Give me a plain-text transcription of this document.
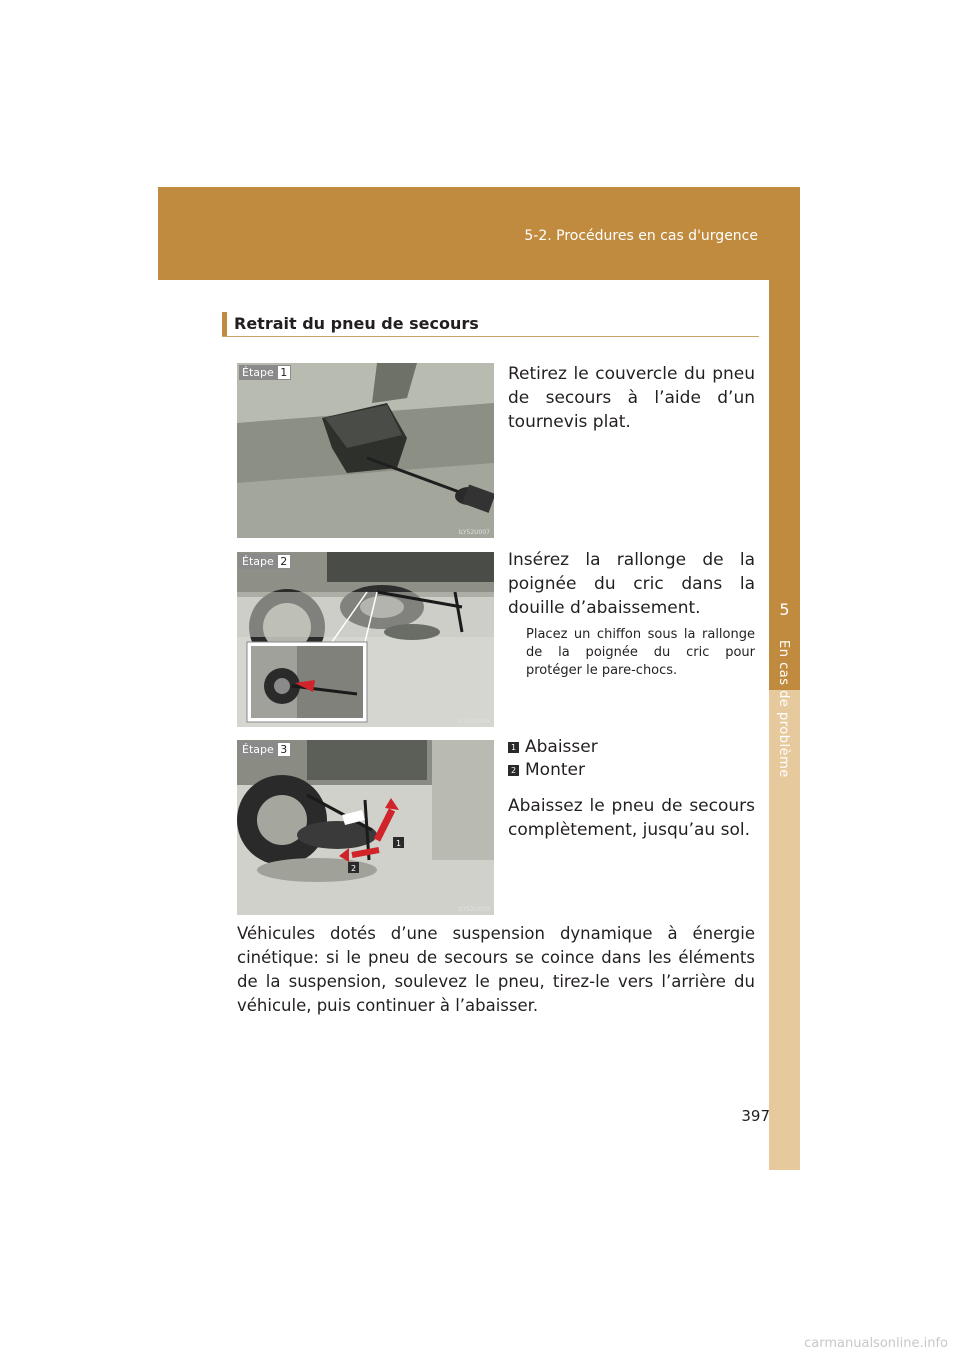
5-2. Procédures en cas d'urgence
5
En cas de problème
Retrait du pneu de secours
Étape 1
ILY52U007
Retirez le couvercle du pneu de secours à l’aide d’un tournevis plat.
Étape 2
ILY52U008
Insérez la rallonge de la poignée du cric dans la douille d’abaissement.
Placez un chiffon sous la rallonge de la poignée du cric pour protéger le pare-chocs.
1
2
Étape 3
ILY52U009
1 Abaisser
2 Monter
Abaissez le pneu de secours complètement, jusqu’au sol.
Véhicules dotés d’une suspension dynamique à énergie cinétique: si le pneu de secours se coince dans les éléments de la suspension, soulevez le pneu, tirez-le vers l’arrière du véhicule, puis continuer à l’abaisser.
397
carmanualsonline.info
